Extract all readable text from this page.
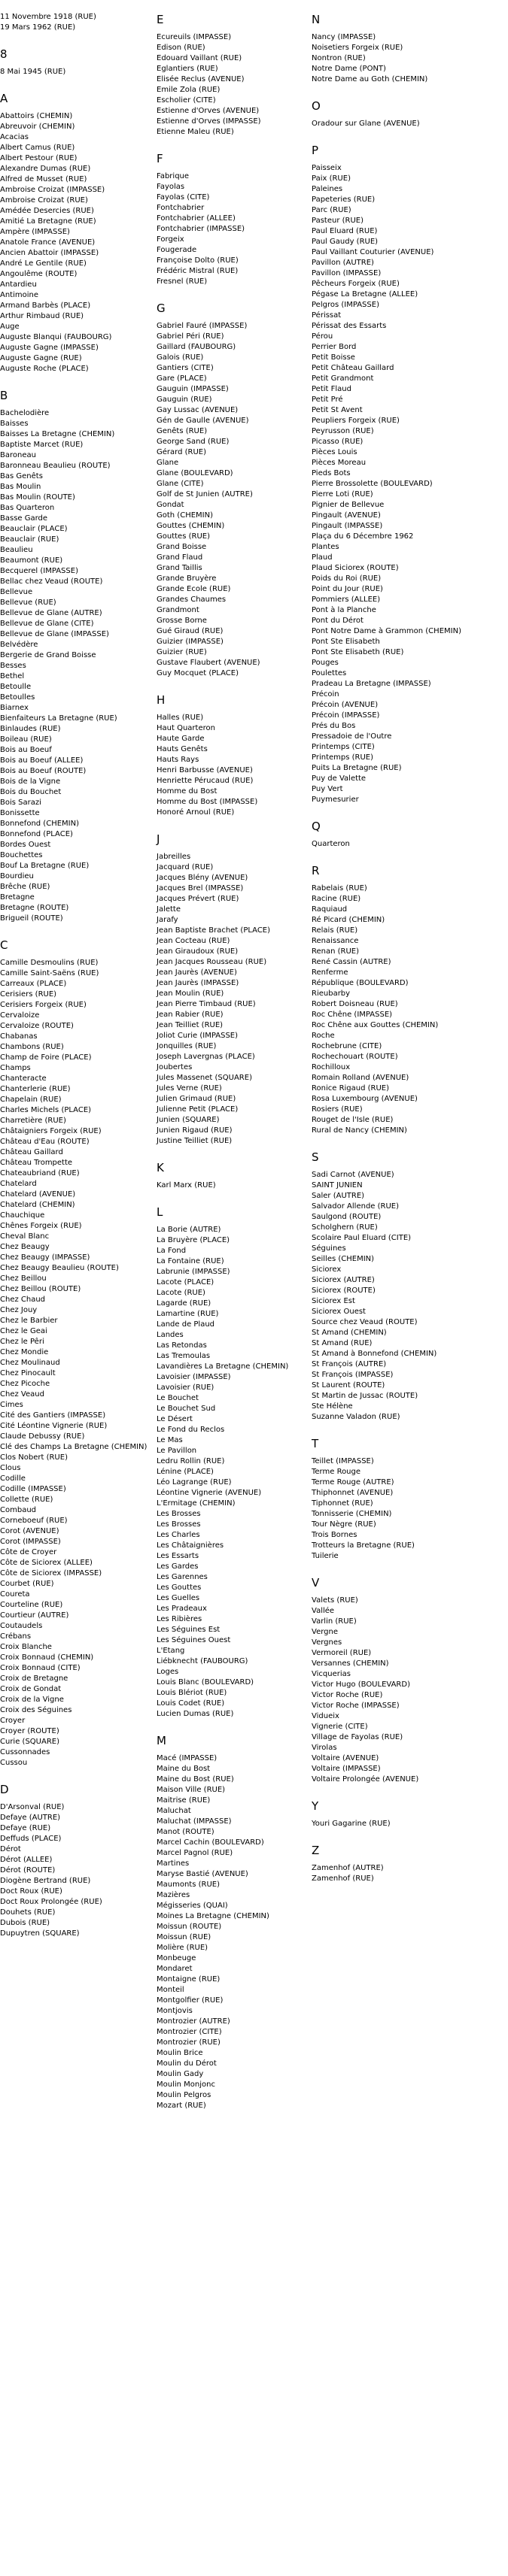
11 Novembre 1918 (RUE)
19 Mars 1962 (RUE)
8
8 Mai 1945 (RUE)
A
Abattoirs (CHEMIN)
Abreuvoir (CHEMIN)
Acacias
Albert Camus (RUE)
Albert Pestour (RUE)
Alexandre Dumas (RUE)
Alfred de Musset (RUE)
Ambroise Croizat (IMPASSE)
Ambroise Croizat (RUE)
Amédée Desercies (RUE)
Amitié La Bretagne (RUE)
Ampère (IMPASSE)
Anatole France (AVENUE)
Ancien Abattoir (IMPASSE)
André Le Gentile (RUE)
Angoulême (ROUTE)
Antardieu
Antimoine
Armand Barbès (PLACE)
Arthur Rimbaud (RUE)
Auge
Auguste Blanqui (FAUBOURG)
Auguste Gagne (IMPASSE)
Auguste Gagne (RUE)
Auguste Roche (PLACE)
B
Bachelodière
Baisses
Baisses La Bretagne (CHEMIN)
Baptiste Marcet (RUE)
Baroneau
Baronneau Beaulieu (ROUTE)
Bas Genêts
Bas Moulin
Bas Moulin (ROUTE)
Bas Quarteron
Basse Garde
Beauclair (PLACE)
Beauclair (RUE)
Beaulieu
Beaumont (RUE)
Becquerel (IMPASSE)
Bellac chez Veaud (ROUTE)
Bellevue
Bellevue (RUE)
Bellevue de Glane (AUTRE)
Bellevue de Glane (CITE)
Bellevue de Glane (IMPASSE)
Belvédère
Bergerie de Grand Boisse
Besses
Bethel
Betoulle
Betoulles
Biarnex
Bienfaiteurs La Bretagne (RUE)
Binlaudes (RUE)
Boileau (RUE)
Bois au Boeuf
Bois au Boeuf (ALLEE)
Bois au Boeuf (ROUTE)
Bois de la Vigne
Bois du Bouchet
Bois Sarazi
Bonissette
Bonnefond (CHEMIN)
Bonnefond (PLACE)
Bordes Ouest
Bouchettes
Bouf La Bretagne (RUE)
Bourdieu
Brêche (RUE)
Bretagne
Bretagne (ROUTE)
Brigueil (ROUTE)
C
Camille Desmoulins (RUE)
Camille Saint-Saëns (RUE)
Carreaux (PLACE)
Cerisiers (RUE)
Cerisiers Forgeix (RUE)
Cervaloize
Cervaloize (ROUTE)
Chabanas
Chambons (RUE)
Champ de Foire (PLACE)
Champs
Chanteracte
Chanterlerie (RUE)
Chapelain (RUE)
Charles Michels (PLACE)
Charretière (RUE)
Châtaigniers Forgeix (RUE)
Château d'Eau (ROUTE)
Château Gaillard
Château Trompette
Chateaubriand (RUE)
Chatelard
Chatelard (AVENUE)
Chatelard (CHEMIN)
Chauchique
Chênes Forgeix (RUE)
Cheval Blanc
Chez Beaugy
Chez Beaugy (IMPASSE)
Chez Beaugy Beaulieu (ROUTE)
Chez Beillou
Chez Beillou (ROUTE)
Chez Chaud
Chez Jouy
Chez le Barbier
Chez le Geai
Chez le Pêri
Chez Mondie
Chez Moulinaud
Chez Pinocault
Chez Picoche
Chez Veaud
Cimes
Cité des Gantiers (IMPASSE)
Cité Léontine Vignerie (RUE)
Claude Debussy (RUE)
Clé des Champs La Bretagne (CHEMIN)
Clos Nobert (RUE)
Clous
Codille
Codille (IMPASSE)
Collette (RUE)
Combaud
Corneboeuf (RUE)
Corot (AVENUE)
Corot (IMPASSE)
Côte de Croyer
Côte de Siciorex (ALLEE)
Côte de Siciorex (IMPASSE)
Courbet (RUE)
Coureta
Courteline (RUE)
Courtieur (AUTRE)
Coutaudels
Crébans
Croix Blanche
Croix Bonnaud (CHEMIN)
Croix Bonnaud (CITE)
Croix de Bretagne
Croix de Gondat
Croix de la Vigne
Croix des Séguines
Croyer
Croyer (ROUTE)
Curie (SQUARE)
Cussonnades
Cussou
D
D'Arsonval (RUE)
Defaye (AUTRE)
Defaye (RUE)
Deffuds (PLACE)
Dérot
Dérot (ALLEE)
Dérot (ROUTE)
Diogène Bertrand (RUE)
Doct Roux (RUE)
Doct Roux Prolongée (RUE)
Douhets (RUE)
Dubois (RUE)
Dupuytren (SQUARE)
E
Ecureuils (IMPASSE)
Edison (RUE)
Edouard Vaillant (RUE)
Eglantiers (RUE)
Elisée Reclus (AVENUE)
Emile Zola (RUE)
Escholier (CITE)
Estienne d'Orves (AVENUE)
Estienne d'Orves (IMPASSE)
Etienne Maleu (RUE)
F
Fabrique
Fayolas
Fayolas (CITE)
Fontchabrier
Fontchabrier (ALLEE)
Fontchabrier (IMPASSE)
Forgeix
Fougerade
Françoise Dolto (RUE)
Frédéric Mistral (RUE)
Fresnel (RUE)
G
Gabriel Fauré (IMPASSE)
Gabriel Péri (RUE)
Gaillard (FAUBOURG)
Galois (RUE)
Gantiers (CITE)
Gare (PLACE)
Gauguin (IMPASSE)
Gauguin (RUE)
Gay Lussac (AVENUE)
Gén de Gaulle (AVENUE)
Genêts (RUE)
George Sand (RUE)
Gérard (RUE)
Glane
Glane (BOULEVARD)
Glane (CITE)
Golf de St Junien (AUTRE)
Gondat
Goth (CHEMIN)
Gouttes (CHEMIN)
Gouttes (RUE)
Grand Boisse
Grand Flaud
Grand Taillis
Grande Bruyère
Grande Ecole (RUE)
Grandes Chaumes
Grandmont
Grosse Borne
Gué Giraud (RUE)
Guizier (IMPASSE)
Guizier (RUE)
Gustave Flaubert (AVENUE)
Guy Mocquet (PLACE)
H
Halles (RUE)
Haut Quarteron
Haute Garde
Hauts Genêts
Hauts Rays
Henri Barbusse (AVENUE)
Henriette Pérucaud (RUE)
Homme du Bost
Homme du Bost (IMPASSE)
Honoré Arnoul (RUE)
J
Jabreilles
Jacquard (RUE)
Jacques Blény (AVENUE)
Jacques Brel (IMPASSE)
Jacques Prévert (RUE)
Jalette
Jarafy
Jean Baptiste Brachet (PLACE)
Jean Cocteau (RUE)
Jean Giraudoux (RUE)
Jean Jacques Rousseau (RUE)
Jean Jaurès (AVENUE)
Jean Jaurès (IMPASSE)
Jean Moulin (RUE)
Jean Pierre Timbaud (RUE)
Jean Rabier (RUE)
Jean Teilliet (RUE)
Joliot Curie (IMPASSE)
Jonquilles (RUE)
Joseph Lavergnas (PLACE)
Joubertes
Jules Massenet (SQUARE)
Jules Verne (RUE)
Julien Grimaud (RUE)
Julienne Petit (PLACE)
Junien (SQUARE)
Junien Rigaud (RUE)
Justine Teilliet (RUE)
K
Karl Marx (RUE)
L
La Borie (AUTRE)
La Bruyère (PLACE)
La Fond
La Fontaine (RUE)
Labrunie (IMPASSE)
Lacote (PLACE)
Lacote (RUE)
Lagarde (RUE)
Lamartine (RUE)
Lande de Plaud
Landes
Las Retondas
Las Tremoulas
Lavandières La Bretagne (CHEMIN)
Lavoisier (IMPASSE)
Lavoisier (RUE)
Le Bouchet
Le Bouchet Sud
Le Désert
Le Fond du Reclos
Le Mas
Le Pavillon
Ledru Rollin (RUE)
Lénine (PLACE)
Léo Lagrange (RUE)
Léontine Vignerie (AVENUE)
L'Ermitage (CHEMIN)
Les Brosses
Les Brosses
Les Charles
Les Châtaignières
Les Essarts
Les Gardes
Les Garennes
Les Gouttes
Les Guelles
Les Pradeaux
Les Ribières
Les Séguines Est
Les Séguines Ouest
L'Etang
Liébknecht (FAUBOURG)
Loges
Louis Blanc (BOULEVARD)
Louis Blériot (RUE)
Louis Codet (RUE)
Lucien Dumas (RUE)
M
Macé (IMPASSE)
Maine du Bost
Maine du Bost (RUE)
Maison Ville (RUE)
Maitrise (RUE)
Maluchat
Maluchat (IMPASSE)
Manot (ROUTE)
Marcel Cachin (BOULEVARD)
Marcel Pagnol (RUE)
Martines
Maryse Bastié (AVENUE)
Maumonts (RUE)
Mazières
Mégisseries (QUAI)
Moines La Bretagne (CHEMIN)
Moissun (ROUTE)
Moissun (RUE)
Molière (RUE)
Monbeuge
Mondaret
Montaigne (RUE)
Monteil
Montgolfier (RUE)
Montjovis
Montrozier (AUTRE)
Montrozier (CITE)
Montrozier (RUE)
Moulin Brice
Moulin du Dérot
Moulin Gady
Moulin Monjonc
Moulin Pelgros
Mozart (RUE)
N
Nancy (IMPASSE)
Noisetiers Forgeix (RUE)
Nontron (RUE)
Notre Dame (PONT)
Notre Dame au Goth (CHEMIN)
O
Oradour sur Glane (AVENUE)
P
Paisseix
Paix (RUE)
Paleines
Papeteries (RUE)
Parc (RUE)
Pasteur (RUE)
Paul Eluard (RUE)
Paul Gaudy (RUE)
Paul Vaillant Couturier (AVENUE)
Pavillon (AUTRE)
Pavillon (IMPASSE)
Pêcheurs Forgeix (RUE)
Pégase La Bretagne (ALLEE)
Pelgros (IMPASSE)
Périssat
Périssat des Essarts
Pérou
Perrier Bord
Petit Boisse
Petit Château Gaillard
Petit Grandmont
Petit Flaud
Petit Pré
Petit St Avent
Peupliers Forgeix (RUE)
Peyrusson (RUE)
Picasso (RUE)
Pièces Louis
Pièces Moreau
Pieds Bots
Pierre Brossolette (BOULEVARD)
Pierre Loti (RUE)
Pignier de Bellevue
Pingault (AVENUE)
Pingault (IMPASSE)
Plaça du 6 Décembre 1962
Plantes
Plaud
Plaud Siciorex (ROUTE)
Poids du Roi (RUE)
Point du Jour (RUE)
Pommiers (ALLEE)
Pont à la Planche
Pont du Dérot
Pont Notre Dame à Grammon (CHEMIN)
Pont Ste Elisabeth
Pont Ste Elisabeth (RUE)
Pouges
Poulettes
Pradeau La Bretagne (IMPASSE)
Précoin
Précoin (AVENUE)
Précoin (IMPASSE)
Prés du Bos
Pressadoie de l'Outre
Printemps (CITE)
Printemps (RUE)
Puits La Bretagne (RUE)
Puy de Valette
Puy Vert
Puymesurier
Q
Quarteron
R
Rabelais (RUE)
Racine (RUE)
Raquiaud
Ré Picard (CHEMIN)
Relais (RUE)
Renaissance
Renan (RUE)
René Cassin (AUTRE)
Renferme
République (BOULEVARD)
Rieubarby
Robert Doisneau (RUE)
Roc Chêne (IMPASSE)
Roc Chêne aux Gouttes (CHEMIN)
Roche
Rochebrune (CITE)
Rochechouart (ROUTE)
Rochilloux
Romain Rolland (AVENUE)
Ronice Rigaud (RUE)
Rosa Luxembourg (AVENUE)
Rosiers (RUE)
Rouget de l'Isle (RUE)
Rural de Nancy (CHEMIN)
S
Sadi Carnot (AVENUE)
SAINT JUNIEN
Saler (AUTRE)
Salvador Allende (RUE)
Saulgond (ROUTE)
Scholghern (RUE)
Scolaire Paul Eluard (CITE)
Séguines
Seilles (CHEMIN)
Siciorex
Siciorex (AUTRE)
Siciorex (ROUTE)
Siciorex Est
Siciorex Ouest
Source chez Veaud (ROUTE)
St Amand (CHEMIN)
St Amand (RUE)
St Amand à Bonnefond (CHEMIN)
St François (AUTRE)
St François (IMPASSE)
St Laurent (ROUTE)
St Martin de Jussac (ROUTE)
Ste Hélène
Suzanne Valadon (RUE)
T
Teillet (IMPASSE)
Terme Rouge
Terme Rouge (AUTRE)
Thiphonnet (AVENUE)
Tiphonnet (RUE)
Tonnisserie (CHEMIN)
Tour Nègre (RUE)
Trois Bornes
Trotteurs la Bretagne (RUE)
Tuilerie
V
Valets (RUE)
Vallée
Varlin (RUE)
Vergne
Vergnes
Vermoreil (RUE)
Versannes (CHEMIN)
Vicquerias
Victor Hugo (BOULEVARD)
Victor Roche (RUE)
Victor Roche (IMPASSE)
Vidueix
Vignerie (CITE)
Village de Fayolas (RUE)
Virolas
Voltaire (AVENUE)
Voltaire (IMPASSE)
Voltaire Prolongée (AVENUE)
Y
Youri Gagarine (RUE)
Z
Zamenhof (AUTRE)
Zamenhof (RUE)
